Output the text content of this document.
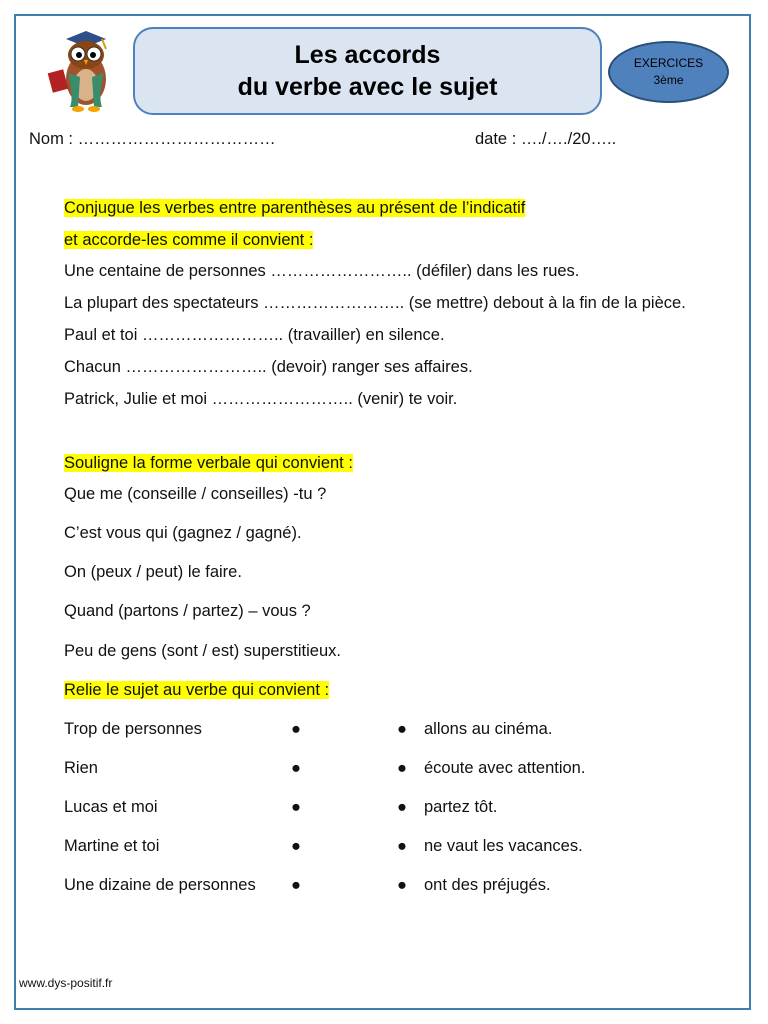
Les accords
du verbe avec le sujet
EXERCICES
3ème
Nom : ………………………………	date : …./…./20…..
Conjugue les verbes entre parenthèses au présent de l’indicatif
et accorde-les comme il convient :
Une centaine de personnes …………………….. (défiler) dans les rues.
La plupart des spectateurs …………………….. (se mettre) debout à la fin de la pièce.
Paul et toi …………………….. (travailler) en silence.
Chacun …………………….. (devoir) ranger ses affaires.
Patrick, Julie et moi …………………….. (venir) te voir.
Souligne la forme verbale qui convient :
Que me (conseille / conseilles) -tu ?
C’est vous qui (gagnez / gagné).
On (peux / peut) le faire.
Quand (partons / partez) – vous ?
Peu de gens (sont / est) superstitieux.
Relie le sujet au verbe qui convient :
Trop de personnes
Rien
Lucas et moi
Martine et toi
Une dizaine de personnes
●
●
●
●
●
●
●
●
●
●
allons au cinéma.
écoute avec attention.
partez tôt.
ne vaut les vacances.
ont des préjugés.
www.dys-positif.fr
